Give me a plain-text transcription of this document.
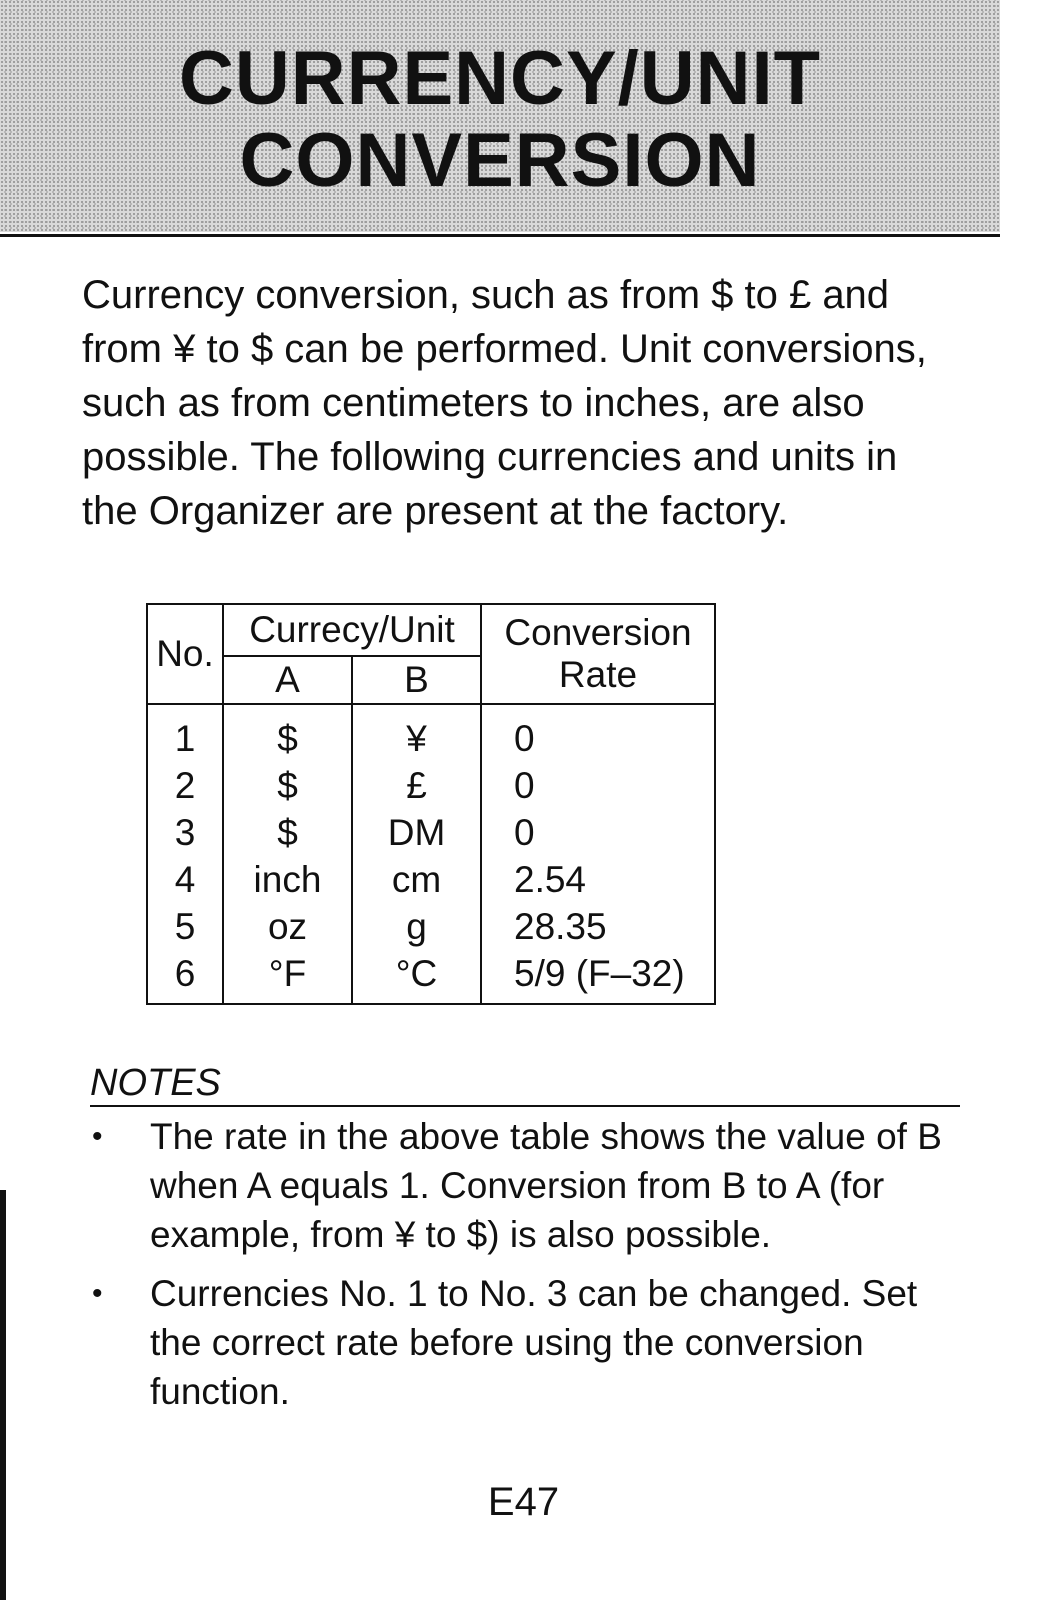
CURRENCY/UNIT
CONVERSION

Currency conversion, such as from $ to £ and from ¥ to $ can be performed. Unit conversions, such as from centimeters to inches, are also possible. The following currencies and units in the Organizer are present at the factory.

No.	Currecy/Unit		Conversion
Rate
	A	B	
1	$	¥	0
2	$	£	0
3	$	DM	0
4	inch	cm	2.54
5	oz	g	28.35
6	°F	°C	5/9 (F–32)
NOTES
• The rate in the above table shows the value of B when A equals 1. Conversion from B to A (for example, from ¥ to $) is also possible.
• Currencies No. 1 to No. 3 can be changed. Set the correct rate before using the conversion function.

E47
